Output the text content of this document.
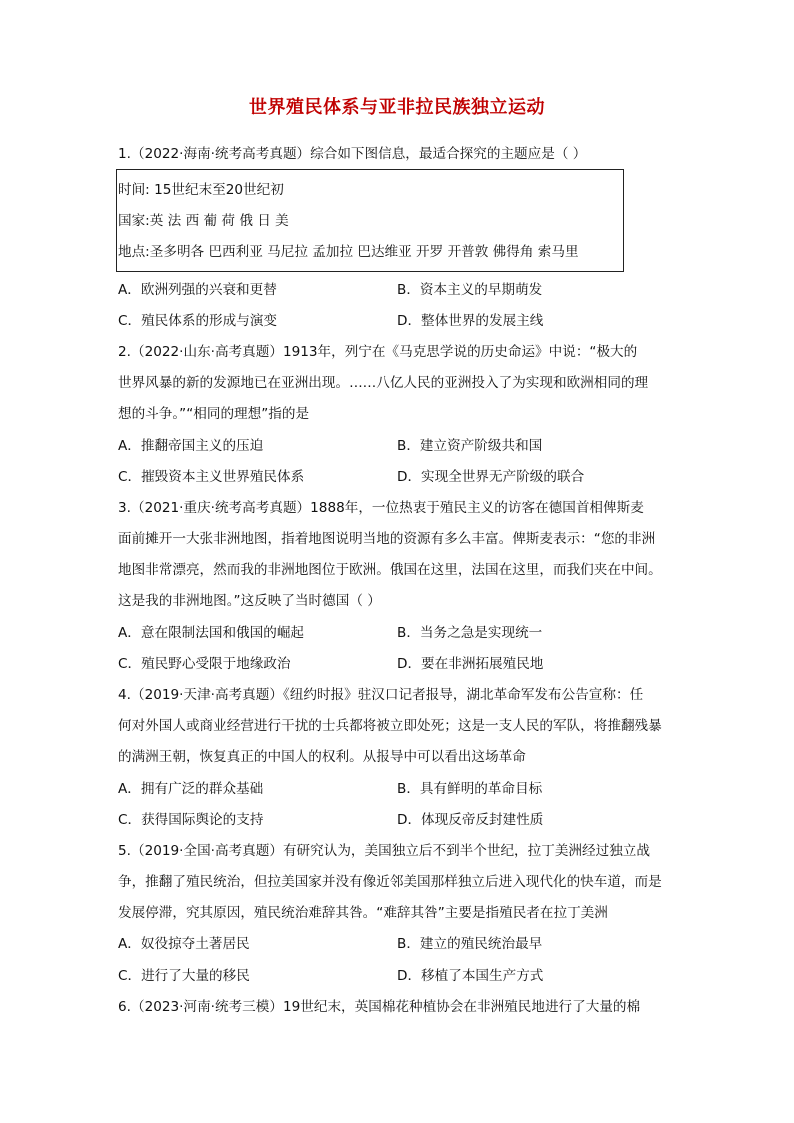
世界殖民体系与亚非拉民族独立运动
1.（2022·海南·统考高考真题）综合如下图信息，最适合探究的主题应是（ ）
时间: 15世纪末至20世纪初
国家:英 法 西 葡 荷 俄 日 美
地点:圣多明各 巴西利亚 马尼拉 孟加拉 巴达维亚 开罗 开普敦 佛得角 索马里
A．欧洲列强的兴衰和更替	B．资本主义的早期萌发
C．殖民体系的形成与演变	D．整体世界的发展主线
2.（2022·山东·高考真题）1913年，列宁在《马克思学说的历史命运》中说：“极大的
世界风暴的新的发源地已在亚洲出现。……八亿人民的亚洲投入了为实现和欧洲相同的理
想的斗争。”“相同的理想”指的是
A．推翻帝国主义的压迫	B．建立资产阶级共和国
C．摧毁资本主义世界殖民体系	D．实现全世界无产阶级的联合
3.（2021·重庆·统考高考真题）1888年，一位热衷于殖民主义的访客在德国首相俾斯麦
面前摊开一大张非洲地图，指着地图说明当地的资源有多么丰富。俾斯麦表示：“您的非洲
地图非常漂亮，然而我的非洲地图位于欧洲。俄国在这里，法国在这里，而我们夹在中间。
这是我的非洲地图。”这反映了当时德国（ ）
A．意在限制法国和俄国的崛起	B．当务之急是实现统一
C．殖民野心受限于地缘政治	D．要在非洲拓展殖民地
4.（2019·天津·高考真题）《纽约时报》驻汉口记者报导，湖北革命军发布公告宣称：任
何对外国人或商业经营进行干扰的士兵都将被立即处死；这是一支人民的军队，将推翻残暴
的满洲王朝，恢复真正的中国人的权利。从报导中可以看出这场革命
A．拥有广泛的群众基础	B．具有鲜明的革命目标
C．获得国际舆论的支持	D．体现反帝反封建性质
5.（2019·全国·高考真题）有研究认为，美国独立后不到半个世纪，拉丁美洲经过独立战
争，推翻了殖民统治，但拉美国家并没有像近邻美国那样独立后进入现代化的快车道，而是
发展停滞，究其原因，殖民统治难辞其咎。“难辞其咎”主要是指殖民者在拉丁美洲
A．奴役掠夺土著居民	B．建立的殖民统治最早
C．进行了大量的移民	D．移植了本国生产方式
6.（2023·河南·统考三模）19世纪末，英国棉花种植协会在非洲殖民地进行了大量的棉
